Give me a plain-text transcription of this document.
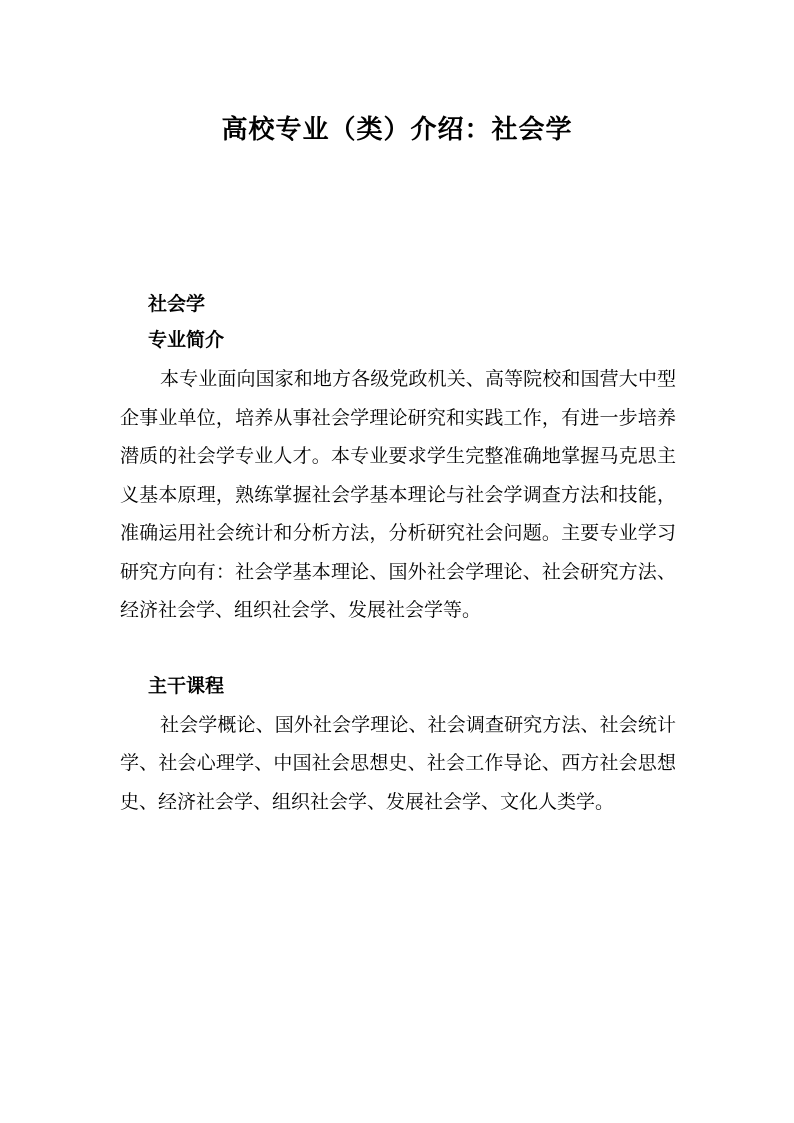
高校专业（类）介绍：社会学

社会学

专业简介

本专业面向国家和地方各级党政机关、高等院校和国营大中型企事业单位，培养从事社会学理论研究和实践工作，有进一步培养潜质的社会学专业人才。本专业要求学生完整准确地掌握马克思主义基本原理，熟练掌握社会学基本理论与社会学调查方法和技能，准确运用社会统计和分析方法，分析研究社会问题。主要专业学习研究方向有：社会学基本理论、国外社会学理论、社会研究方法、经济社会学、组织社会学、发展社会学等。

主干课程

社会学概论、国外社会学理论、社会调查研究方法、社会统计学、社会心理学、中国社会思想史、社会工作导论、西方社会思想史、经济社会学、组织社会学、发展社会学、文化人类学。
